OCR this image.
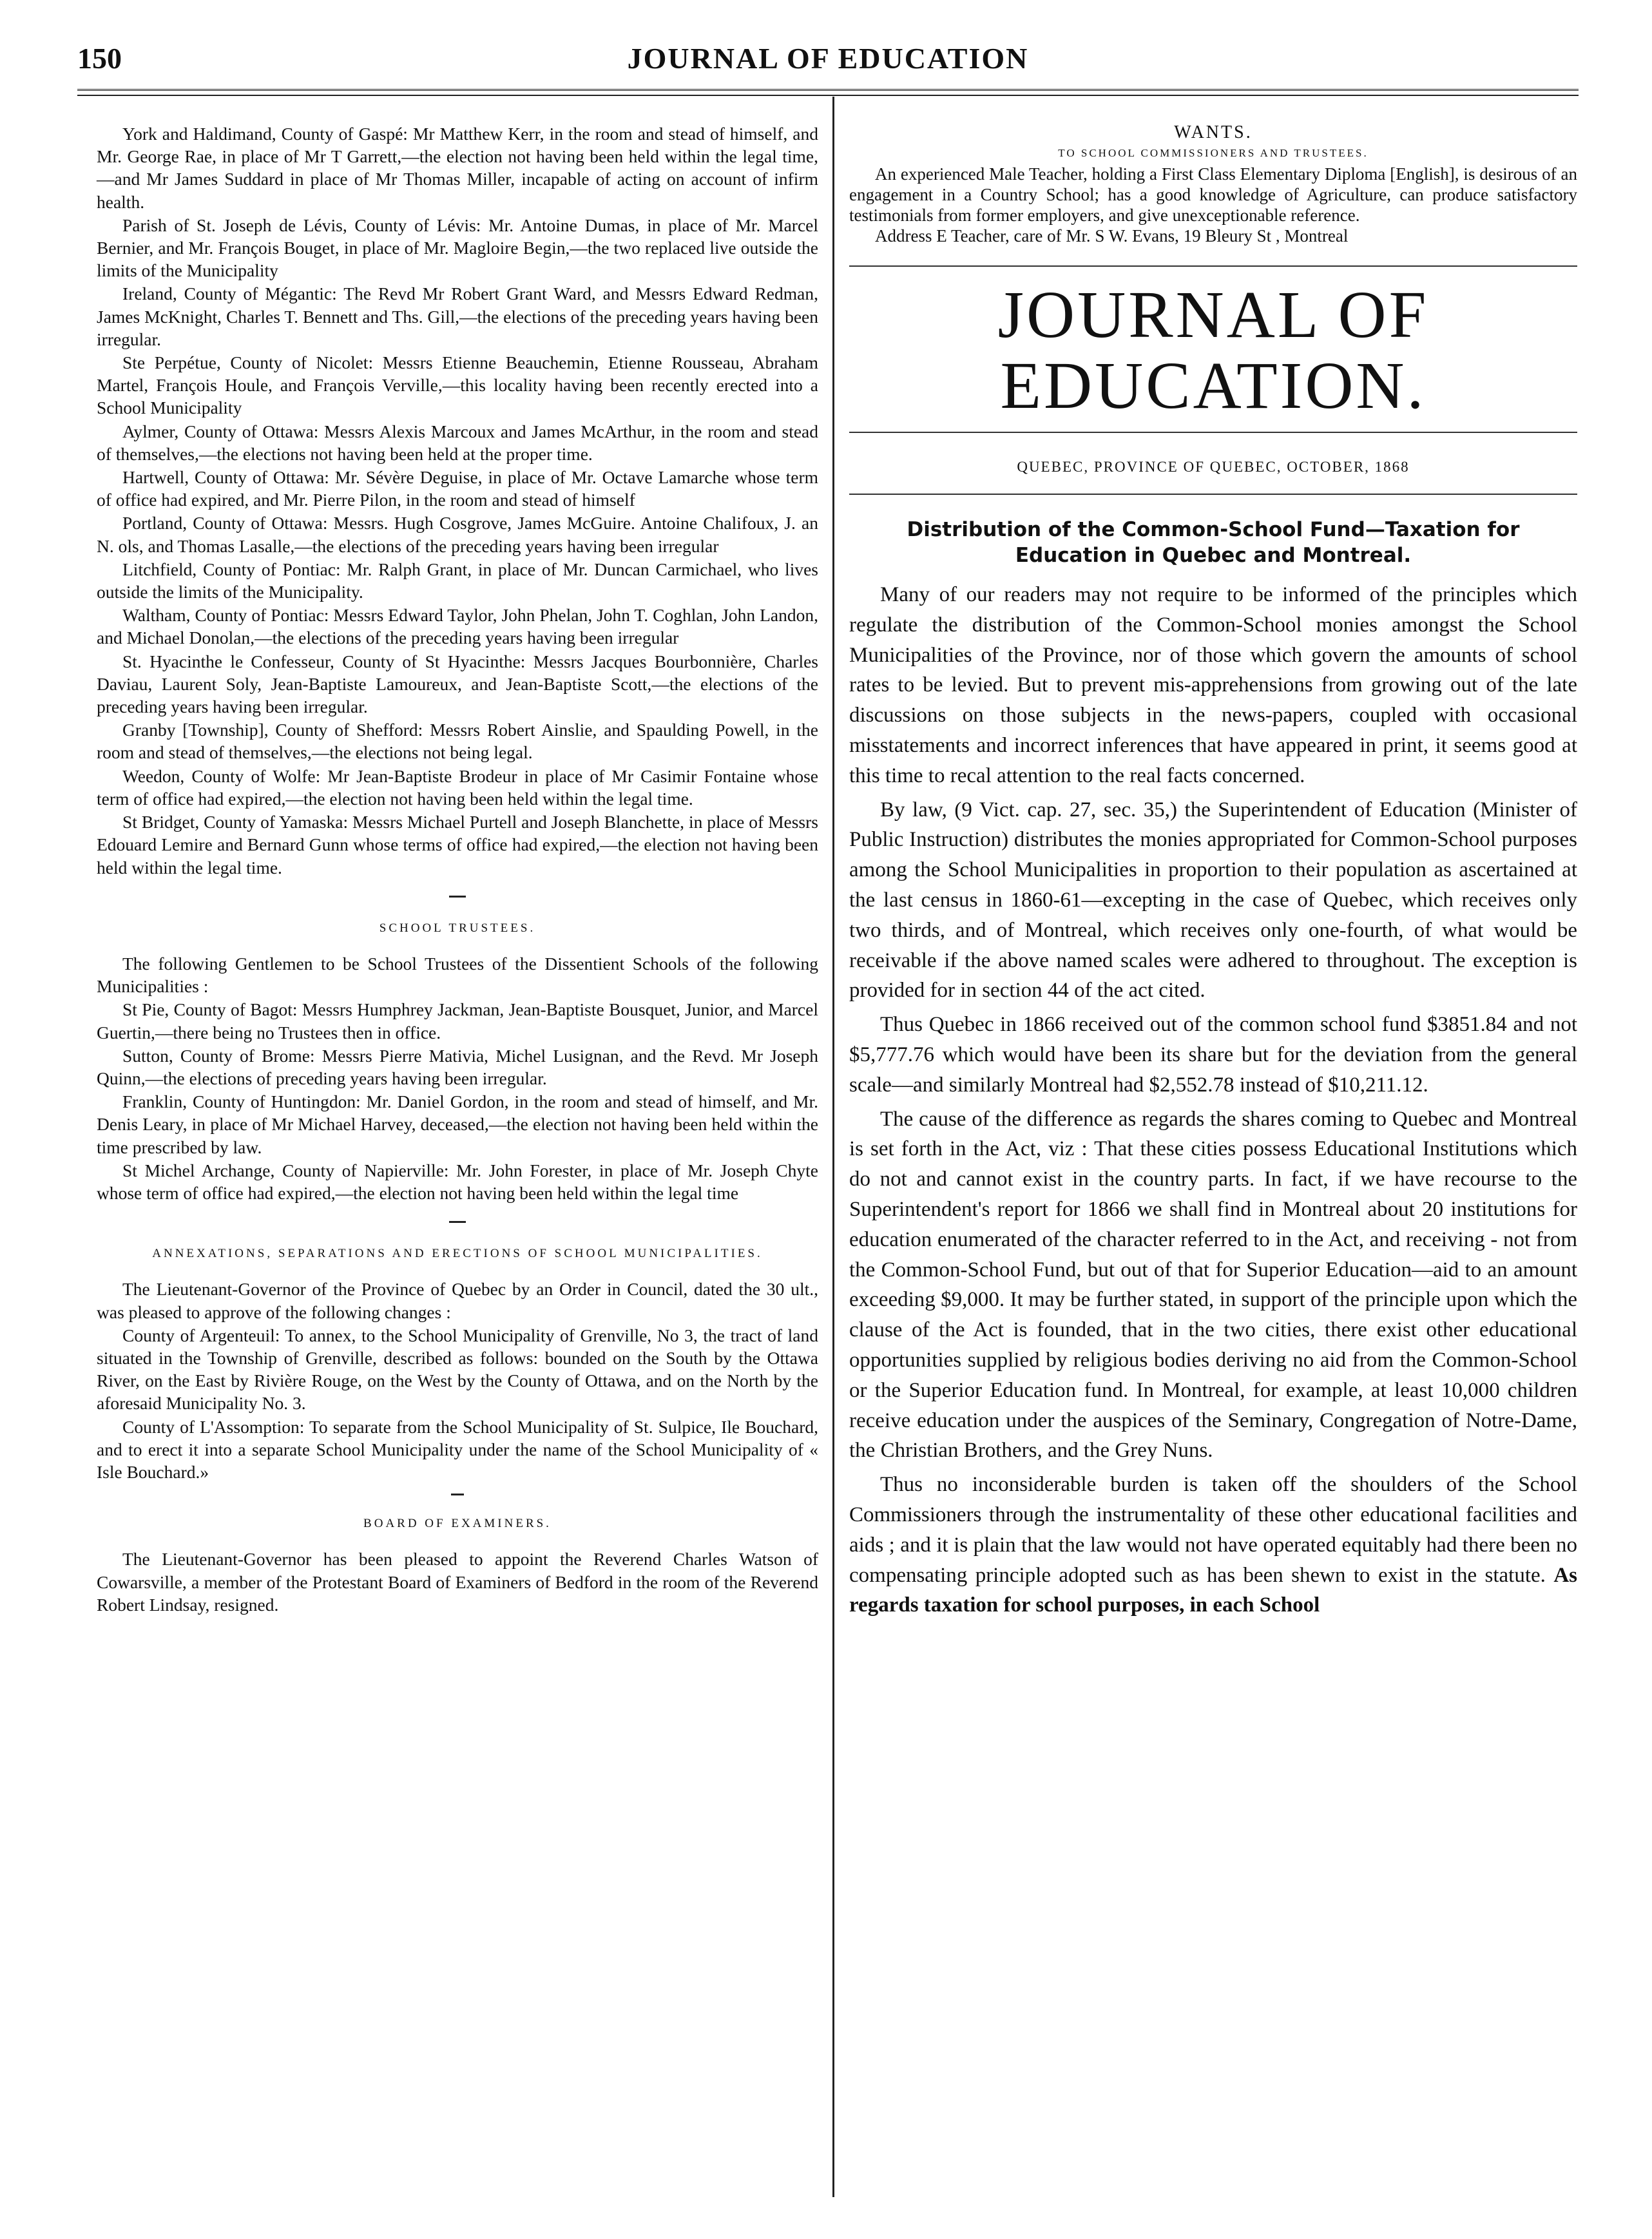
150	JOURNAL OF EDUCATION

York and Haldimand, County of Gaspé: Mr Matthew Kerr, in the room and stead of himself, and Mr. George Rae, in place of Mr T Garrett,—the election not having been held within the legal time,—and Mr James Suddard in place of Mr Thomas Miller, incapable of acting on account of infirm health.

Parish of St. Joseph de Lévis, County of Lévis: Mr. Antoine Dumas, in place of Mr. Marcel Bernier, and Mr. François Bouget, in place of Mr. Magloire Begin,—the two replaced live outside the limits of the Municipality

Ireland, County of Mégantic: The Revd Mr Robert Grant Ward, and Messrs Edward Redman, James McKnight, Charles T. Bennett and Ths. Gill,—the elections of the preceding years having been irregular.

Ste Perpétue, County of Nicolet: Messrs Etienne Beauchemin, Etienne Rousseau, Abraham Martel, François Houle, and François Verville,—this locality having been recently erected into a School Municipality

Aylmer, County of Ottawa: Messrs Alexis Marcoux and James McArthur, in the room and stead of themselves,—the elections not having been held at the proper time.

Hartwell, County of Ottawa: Mr. Sévère Deguise, in place of Mr. Octave Lamarche whose term of office had expired, and Mr. Pierre Pilon, in the room and stead of himself

Portland, County of Ottawa: Messrs. Hugh Cosgrove, James McGuire. Antoine Chalifoux, J. an N. ols, and Thomas Lasalle,—the elections of the preceding years having been irregular

Litchfield, County of Pontiac: Mr. Ralph Grant, in place of Mr. Duncan Carmichael, who lives outside the limits of the Municipality.

Waltham, County of Pontiac: Messrs Edward Taylor, John Phelan, John T. Coghlan, John Landon, and Michael Donolan,—the elections of the preceding years having been irregular

St. Hyacinthe le Confesseur, County of St Hyacinthe: Messrs Jacques Bourbonnière, Charles Daviau, Laurent Soly, Jean-Baptiste Lamoureux, and Jean-Baptiste Scott,—the elections of the preceding years having been irregular.

Granby [Township], County of Shefford: Messrs Robert Ainslie, and Spaulding Powell, in the room and stead of themselves,—the elections not being legal.

Weedon, County of Wolfe: Mr Jean-Baptiste Brodeur in place of Mr Casimir Fontaine whose term of office had expired,—the election not having been held within the legal time.

St Bridget, County of Yamaska: Messrs Michael Purtell and Joseph Blanchette, in place of Messrs Edouard Lemire and Bernard Gunn whose terms of office had expired,—the election not having been held within the legal time.

SCHOOL TRUSTEES.

The following Gentlemen to be School Trustees of the Dissentient Schools of the following Municipalities :

St Pie, County of Bagot: Messrs Humphrey Jackman, Jean-Baptiste Bousquet, Junior, and Marcel Guertin,—there being no Trustees then in office.

Sutton, County of Brome: Messrs Pierre Mativia, Michel Lusignan, and the Revd. Mr Joseph Quinn,—the elections of preceding years having been irregular.

Franklin, County of Huntingdon: Mr. Daniel Gordon, in the room and stead of himself, and Mr. Denis Leary, in place of Mr Michael Harvey, deceased,—the election not having been held within the time prescribed by law.

St Michel Archange, County of Napierville: Mr. John Forester, in place of Mr. Joseph Chyte whose term of office had expired,—the election not having been held within the legal time

ANNEXATIONS, SEPARATIONS AND ERECTIONS OF SCHOOL MUNICIPALITIES.

The Lieutenant-Governor of the Province of Quebec by an Order in Council, dated the 30 ult., was pleased to approve of the following changes :

County of Argenteuil: To annex, to the School Municipality of Grenville, No 3, the tract of land situated in the Township of Grenville, described as follows: bounded on the South by the Ottawa River, on the East by Rivière Rouge, on the West by the County of Ottawa, and on the North by the aforesaid Municipality No. 3.

County of L'Assomption: To separate from the School Municipality of St. Sulpice, Ile Bouchard, and to erect it into a separate School Municipality under the name of the School Municipality of « Isle Bouchard.»

BOARD OF EXAMINERS.

The Lieutenant-Governor has been pleased to appoint the Reverend Charles Watson of Cowarsville, a member of the Protestant Board of Examiners of Bedford in the room of the Reverend Robert Lindsay, resigned.

WANTS.
TO SCHOOL COMMISSIONERS AND TRUSTEES.

An experienced Male Teacher, holding a First Class Elementary Diploma [English], is desirous of an engagement in a Country School; has a good knowledge of Agriculture, can produce satisfactory testimonials from former employers, and give unexceptionable reference.

Address E Teacher, care of Mr. S W. Evans, 19 Bleury St , Montreal

JOURNAL OF EDUCATION.
QUEBEC, PROVINCE OF QUEBEC, OCTOBER, 1868
Distribution of the Common-School Fund—Taxation for Education in Quebec and Montreal.

Many of our readers may not require to be informed of the principles which regulate the distribution of the Common-School monies amongst the School Municipalities of the Province, nor of those which govern the amounts of school rates to be levied. But to prevent mis-apprehensions from growing out of the late discussions on those subjects in the news-papers, coupled with occasional misstatements and incorrect inferences that have appeared in print, it seems good at this time to recal attention to the real facts concerned.

By law, (9 Vict. cap. 27, sec. 35,) the Superintendent of Education (Minister of Public Instruction) distributes the monies appropriated for Common-School purposes among the School Municipalities in proportion to their population as ascertained at the last census in 1860-61—excepting in the case of Quebec, which receives only two thirds, and of Montreal, which receives only one-fourth, of what would be receivable if the above named scales were adhered to throughout. The exception is provided for in section 44 of the act cited.

Thus Quebec in 1866 received out of the common school fund $3851.84 and not $5,777.76 which would have been its share but for the deviation from the general scale—and similarly Montreal had $2,552.78 instead of $10,211.12.

The cause of the difference as regards the shares coming to Quebec and Montreal is set forth in the Act, viz : That these cities possess Educational Institutions which do not and cannot exist in the country parts. In fact, if we have recourse to the Superintendent's report for 1866 we shall find in Montreal about 20 institutions for education enumerated of the character referred to in the Act, and receiving - not from the Common-School Fund, but out of that for Superior Education—aid to an amount exceeding $9,000. It may be further stated, in support of the principle upon which the clause of the Act is founded, that in the two cities, there exist other educational opportunities supplied by religious bodies deriving no aid from the Common-School or the Superior Education fund. In Montreal, for example, at least 10,000 children receive education under the auspices of the Seminary, Congregation of Notre-Dame, the Christian Brothers, and the Grey Nuns.

Thus no inconsiderable burden is taken off the shoulders of the School Commissioners through the instrumentality of these other educational facilities and aids ; and it is plain that the law would not have operated equitably had there been no compensating principle adopted such as has been shewn to exist in the statute. As regards taxation for school purposes, in each School
